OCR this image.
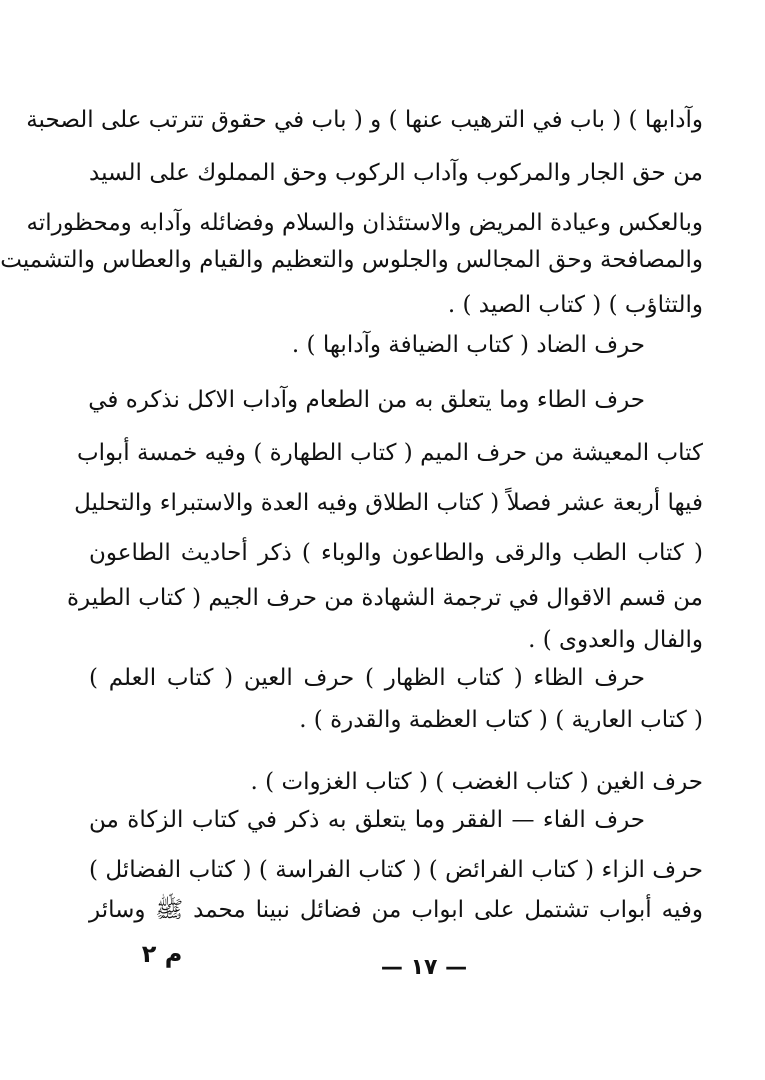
وآدابها ) ( باب في الترهيب عنها ) و ( باب في حقوق تترتب على الصحبة
من حق الجار والمركوب وآداب الركوب وحق المملوك على السيد
وبالعكس وعيادة المريض والاستئذان والسلام وفضائله وآدابه ومحظوراته
والمصافحة وحق المجالس والجلوس والتعظيم والقيام والعطاس والتشميت
والتثاؤب ) ( كتاب الصيد ) .
حرف الضاد ( كتاب الضيافة وآدابها ) .
حرف الطاء وما يتعلق به من الطعام وآداب الاكل نذكره في
كتاب المعيشة من حرف الميم ( كتاب الطهارة ) وفيه خمسة أبواب
فيها أربعة عشر فصلاً ( كتاب الطلاق وفيه العدة والاستبراء والتحليل
( كتاب الطب والرقى والطاعون والوباء ) ذكر أحاديث الطاعون
من قسم الاقوال في ترجمة الشهادة من حرف الجيم ( كتاب الطيرة
والفال والعدوى ) .
حرف الظاء ( كتاب الظهار ) حرف العين ( كتاب العلم )
( كتاب العارية ) ( كتاب العظمة والقدرة ) .
حرف الغين ( كتاب الغضب ) ( كتاب الغزوات ) .
حرف الفاء — الفقر وما يتعلق به ذكر في كتاب الزكاة من
حرف الزاء ( كتاب الفرائض ) ( كتاب الفراسة ) ( كتاب الفضائل )
وفيه أبواب تشتمل على ابواب من فضائل نبينا محمد ﷺ وسائر
— ١٧ —
م ٢
